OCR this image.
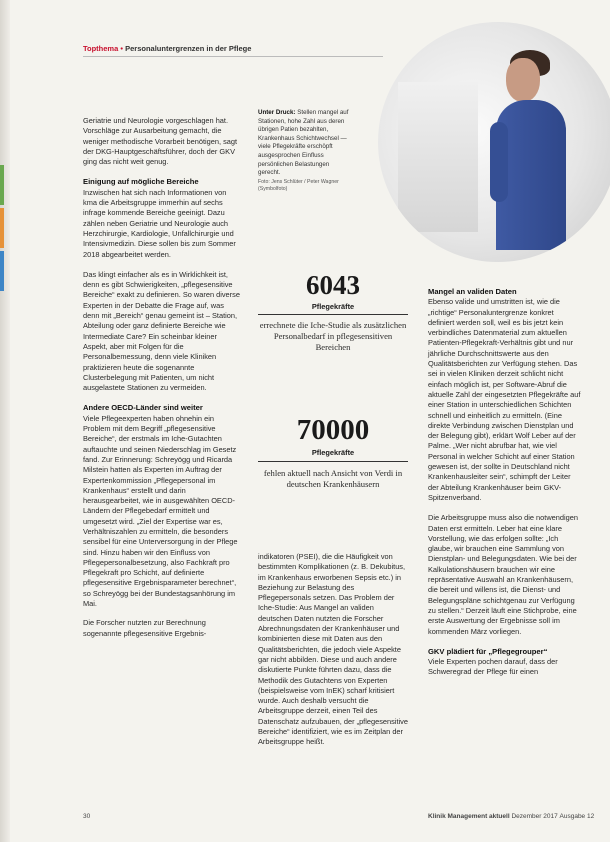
Topthema • Personaluntergrenzen in der Pflege
Unter Druck: Stellen mangel auf Stationen, hohe Zahl aus deren übrigen Patien bezahlten, Krankenhaus Schichtwechsel — viele Pflegekräfte erschöpft ausgesprochen Einfluss persönlichen Belastungen gerecht.
Foto: Jens Schlüter / Peter Wagner (Symbolfoto)

Geriatrie und Neurologie vorgeschlagen hat. Vorschläge zur Ausarbeitung gemacht, die weniger methodische Vorarbeit benötigen, sagt der DKG-Hauptgeschäftsführer, doch der GKV ging das nicht weit genug.

Einigung auf mögliche Bereiche

Inzwischen hat sich nach Informationen von kma die Arbeitsgruppe immerhin auf sechs infrage kommende Bereiche geeinigt. Dazu zählen neben Geriatrie und Neurologie auch Herzchirurgie, Kardiologie, Unfallchirurgie und Intensivmedizin. Diese sollen bis zum Sommer 2018 abgearbeitet werden.

Das klingt einfacher als es in Wirklichkeit ist, denn es gibt Schwierigkeiten, „pflegesensitive Bereiche“ exakt zu definieren. So waren diverse Experten in der Debatte die Frage auf, was denn mit „Bereich“ genau gemeint ist – Station, Abteilung oder ganz definierte Bereiche wie Intermediate Care? Ein scheinbar kleiner Aspekt, aber mit Folgen für die Personalbemessung, denn viele Kliniken praktizieren heute die sogenannte Clusterbelegung mit Patienten, um nicht ausgelastete Stationen zu vermeiden.

Andere OECD-Länder sind weiter

Viele Pflegeexperten haben ohnehin ein Problem mit dem Begriff „pflegesensitive Bereiche“, der erstmals im Iche-Gutachten auftauchte und seinen Niederschlag im Gesetz fand. Zur Erinnerung: Schreyögg und Ricarda Milstein hatten als Experten im Auftrag der Expertenkommission „Pflegepersonal im Krankenhaus“ erstellt und darin herausgearbeitet, wie in ausgewählten OECD-Ländern der Pflegebedarf ermittelt und umgesetzt wird. „Ziel der Expertise war es, Verhältniszahlen zu ermitteln, die besonders sensibel für eine Unterversorgung in der Pflege sind. Hinzu haben wir den Einfluss von Pflegepersonalbesetzung, also Fachkraft pro Pflegekraft pro Schicht, auf definierte pflegesensitive Ergebnisparameter berechnet“, so Schreyögg bei der Bundestagsanhörung im Mai.

Die Forscher nutzten zur Berechnung sogenannte pflegesensitive Ergebnis-

6043
Pflegekräfte
errechnete die Iche-Studie als zusätzlichen Personalbedarf in pflegesensitiven Bereichen
70000
Pflegekräfte
fehlen aktuell nach Ansicht von Verdi in deutschen Krankenhäusern

indikatoren (PSEI), die die Häufigkeit von bestimmten Komplikationen (z. B. Dekubitus, im Krankenhaus erworbenen Sepsis etc.) in Beziehung zur Belastung des Pflegepersonals setzen. Das Problem der Iche-Studie: Aus Mangel an validen deutschen Daten nutzten die Forscher Abrechnungsdaten der Krankenhäuser und kombinierten diese mit Daten aus den Qualitätsberichten, die jedoch viele Aspekte gar nicht abbilden. Diese und auch andere diskutierte Punkte führten dazu, dass die Methodik des Gutachtens von Experten (beispielsweise vom InEK) scharf kritisiert wurde. Auch deshalb versucht die Arbeitsgruppe derzeit, einen Teil des Datenschatz aufzubauen, der „pflegesensitive Bereiche“ identifiziert, wie es im Zeitplan der Arbeitsgruppe heißt.

Mangel an validen Daten

Ebenso valide und umstritten ist, wie die „richtige“ Personaluntergrenze konkret definiert werden soll, weil es bis jetzt kein verbindliches Datenmaterial zum aktuellen Patienten-Pflegekraft-Verhältnis gibt und nur jährliche Durchschnittswerte aus den Qualitätsberichten zur Verfügung stehen. Das sei in vielen Kliniken derzeit schlicht nicht einfach möglich ist, per Software-Abruf die aktuelle Zahl der eingesetzten Pflegekräfte auf einer Station in unterschiedlichen Schichten schnell und einheitlich zu ermitteln. (Eine direkte Verbindung zwischen Dienstplan und der Belegung gibt), erklärt Wolf Leber auf der Palme. „Wer nicht abrufbar hat, wie viel Personal in welcher Schicht auf einer Station gewesen ist, der sollte in Deutschland nicht Krankenhausleiter sein“, schimpft der Leiter der Abteilung Krankenhäuser beim GKV-Spitzenverband.

Die Arbeitsgruppe muss also die notwendigen Daten erst ermitteln. Leber hat eine klare Vorstellung, wie das erfolgen sollte: „Ich glaube, wir brauchen eine Sammlung von Dienstplan- und Belegungsdaten. Wie bei der Kalkulationshäusern brauchen wir eine repräsentative Auswahl an Krankenhäusern, die bereit und willens ist, die Dienst- und Belegungspläne schichtgenau zur Verfügung zu stellen.“ Derzeit läuft eine Stichprobe, eine erste Auswertung der Ergebnisse soll im kommenden März vorliegen.

GKV plädiert für „Pflegegrouper“

Viele Experten pochen darauf, dass der Schweregrad der Pflege für einen

30	Klinik Management aktuell Dezember 2017 Ausgabe 12
